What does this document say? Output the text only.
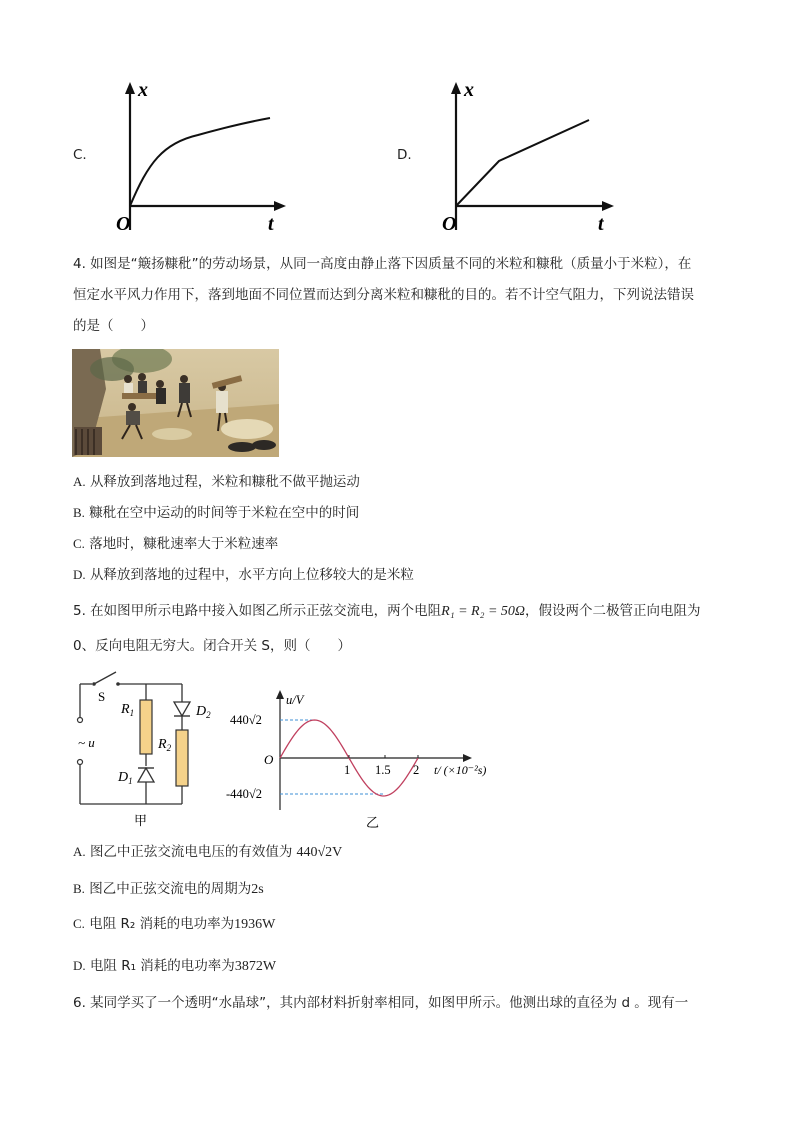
C.
x
O	t
D.
x
O	t
4. 如图是“簸扬糠秕”的劳动场景，从同一高度由静止落下因质量不同的米粒和糠秕（质量小于米粒），在
恒定水平风力作用下，落到地面不同位置而达到分离米粒和糠秕的目的。若不计空气阻力，下列说法错误
的是（　　）
A. 从释放到落地过程，米粒和糠秕不做平抛运动
B. 糠秕在空中运动的时间等于米粒在空中的时间
C. 落地时，糠秕速率大于米粒速率
D. 从释放到落地的过程中，水平方向上位移较大的是米粒
5. 在如图甲所示电路中接入如图乙所示正弦交流电，两个电阻R₁ = R₂ = 50Ω，假设两个二极管正向电阻为
0、反向电阻无穷大。闭合开关 S，则（　　）
S
$R_1$	$D_2$
$R_2$
$D_1$
~ u
甲
u/V
440√2
O
1 1.5 2 t/ (×10⁻²s)
-440√2
乙
A. 图乙中正弦交流电电压的有效值为 440√2V
B. 图乙中正弦交流电的周期为2s
C. 电阻 R₂ 消耗的电功率为1936W
D. 电阻 R₁ 消耗的电功率为3872W
6. 某同学买了一个透明“水晶球”，其内部材料折射率相同，如图甲所示。他测出球的直径为 d 。现有一
